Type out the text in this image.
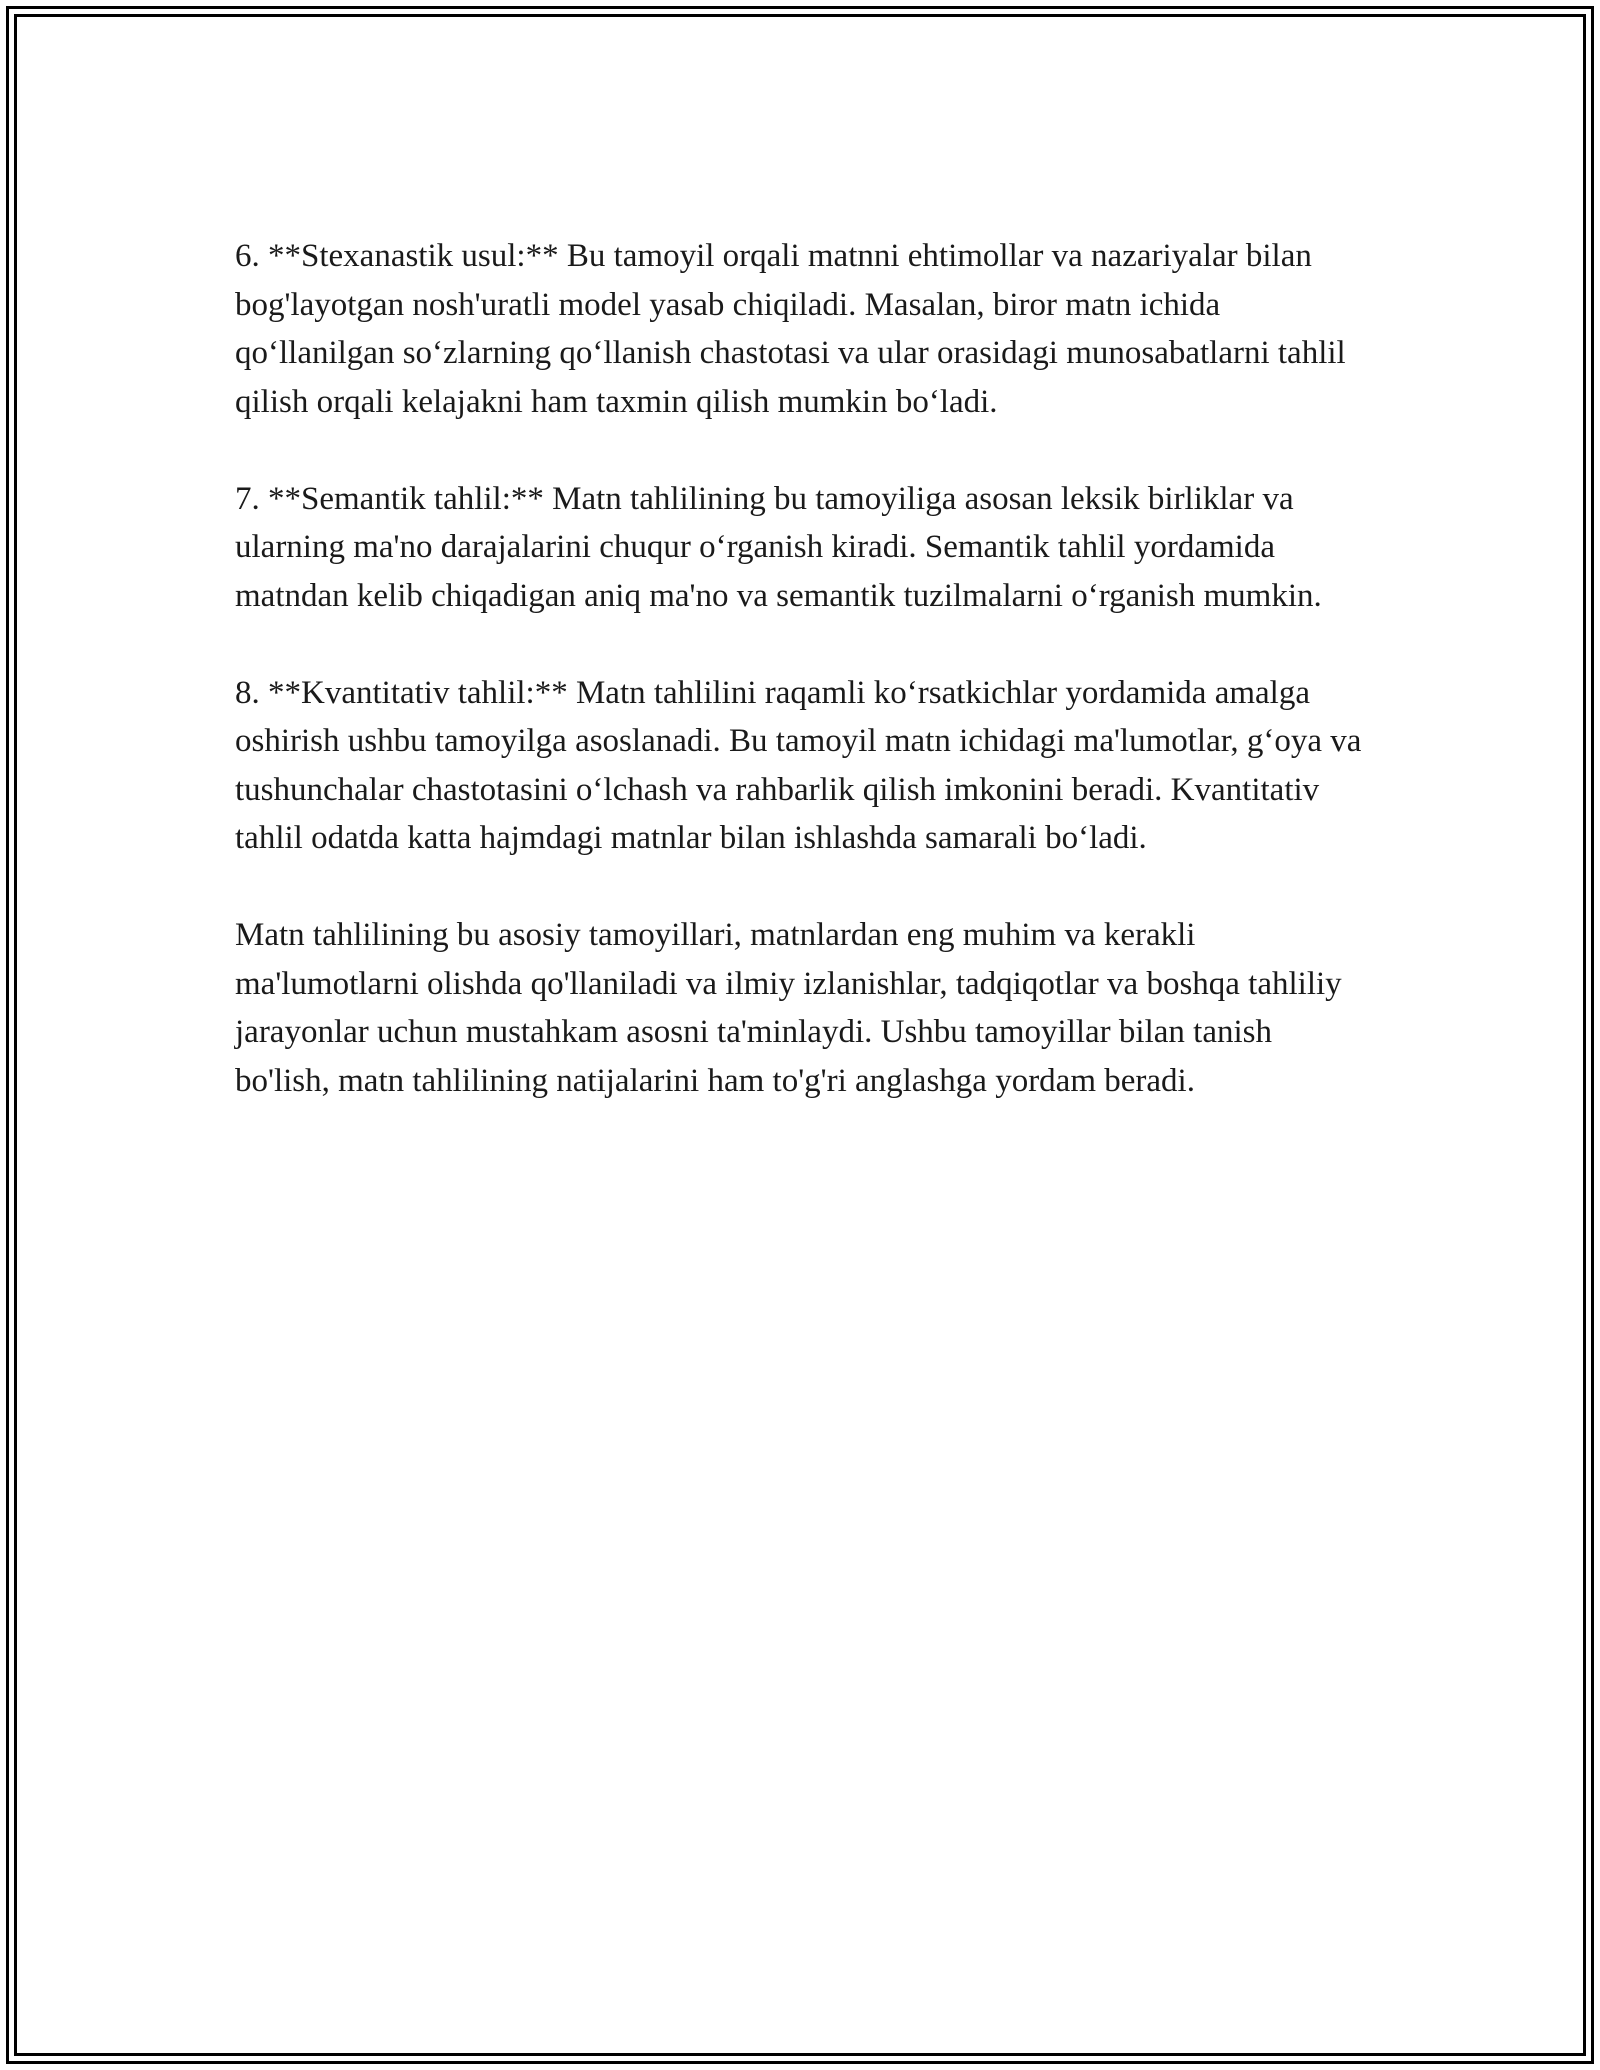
6. **Stexanastik usul:** Bu tamoyil orqali matnni ehtimollar va nazariyalar bilan bog'layotgan nosh'uratli model yasab chiqiladi. Masalan, biror matn ichida qo‘llanilgan so‘zlarning qo‘llanish chastotasi va ular orasidagi munosabatlarni tahlil qilish orqali kelajakni ham taxmin qilish mumkin bo‘ladi.

7. **Semantik tahlil:** Matn tahlilining bu tamoyiliga asosan leksik birliklar va ularning ma'no darajalarini chuqur o‘rganish kiradi. Semantik tahlil yordamida matndan kelib chiqadigan aniq ma'no va semantik tuzilmalarni o‘rganish mumkin.

8. **Kvantitativ tahlil:** Matn tahlilini raqamli ko‘rsatkichlar yordamida amalga oshirish ushbu tamoyilga asoslanadi. Bu tamoyil matn ichidagi ma'lumotlar, g‘oya va tushunchalar chastotasini o‘lchash va rahbarlik qilish imkonini beradi. Kvantitativ tahlil odatda katta hajmdagi matnlar bilan ishlashda samarali bo‘ladi.

Matn tahlilining bu asosiy tamoyillari, matnlardan eng muhim va kerakli ma'lumotlarni olishda qo'llaniladi va ilmiy izlanishlar, tadqiqotlar va boshqa tahliliy jarayonlar uchun mustahkam asosni ta'minlaydi. Ushbu tamoyillar bilan tanish bo'lish, matn tahlilining natijalarini ham to'g'ri anglashga yordam beradi.
